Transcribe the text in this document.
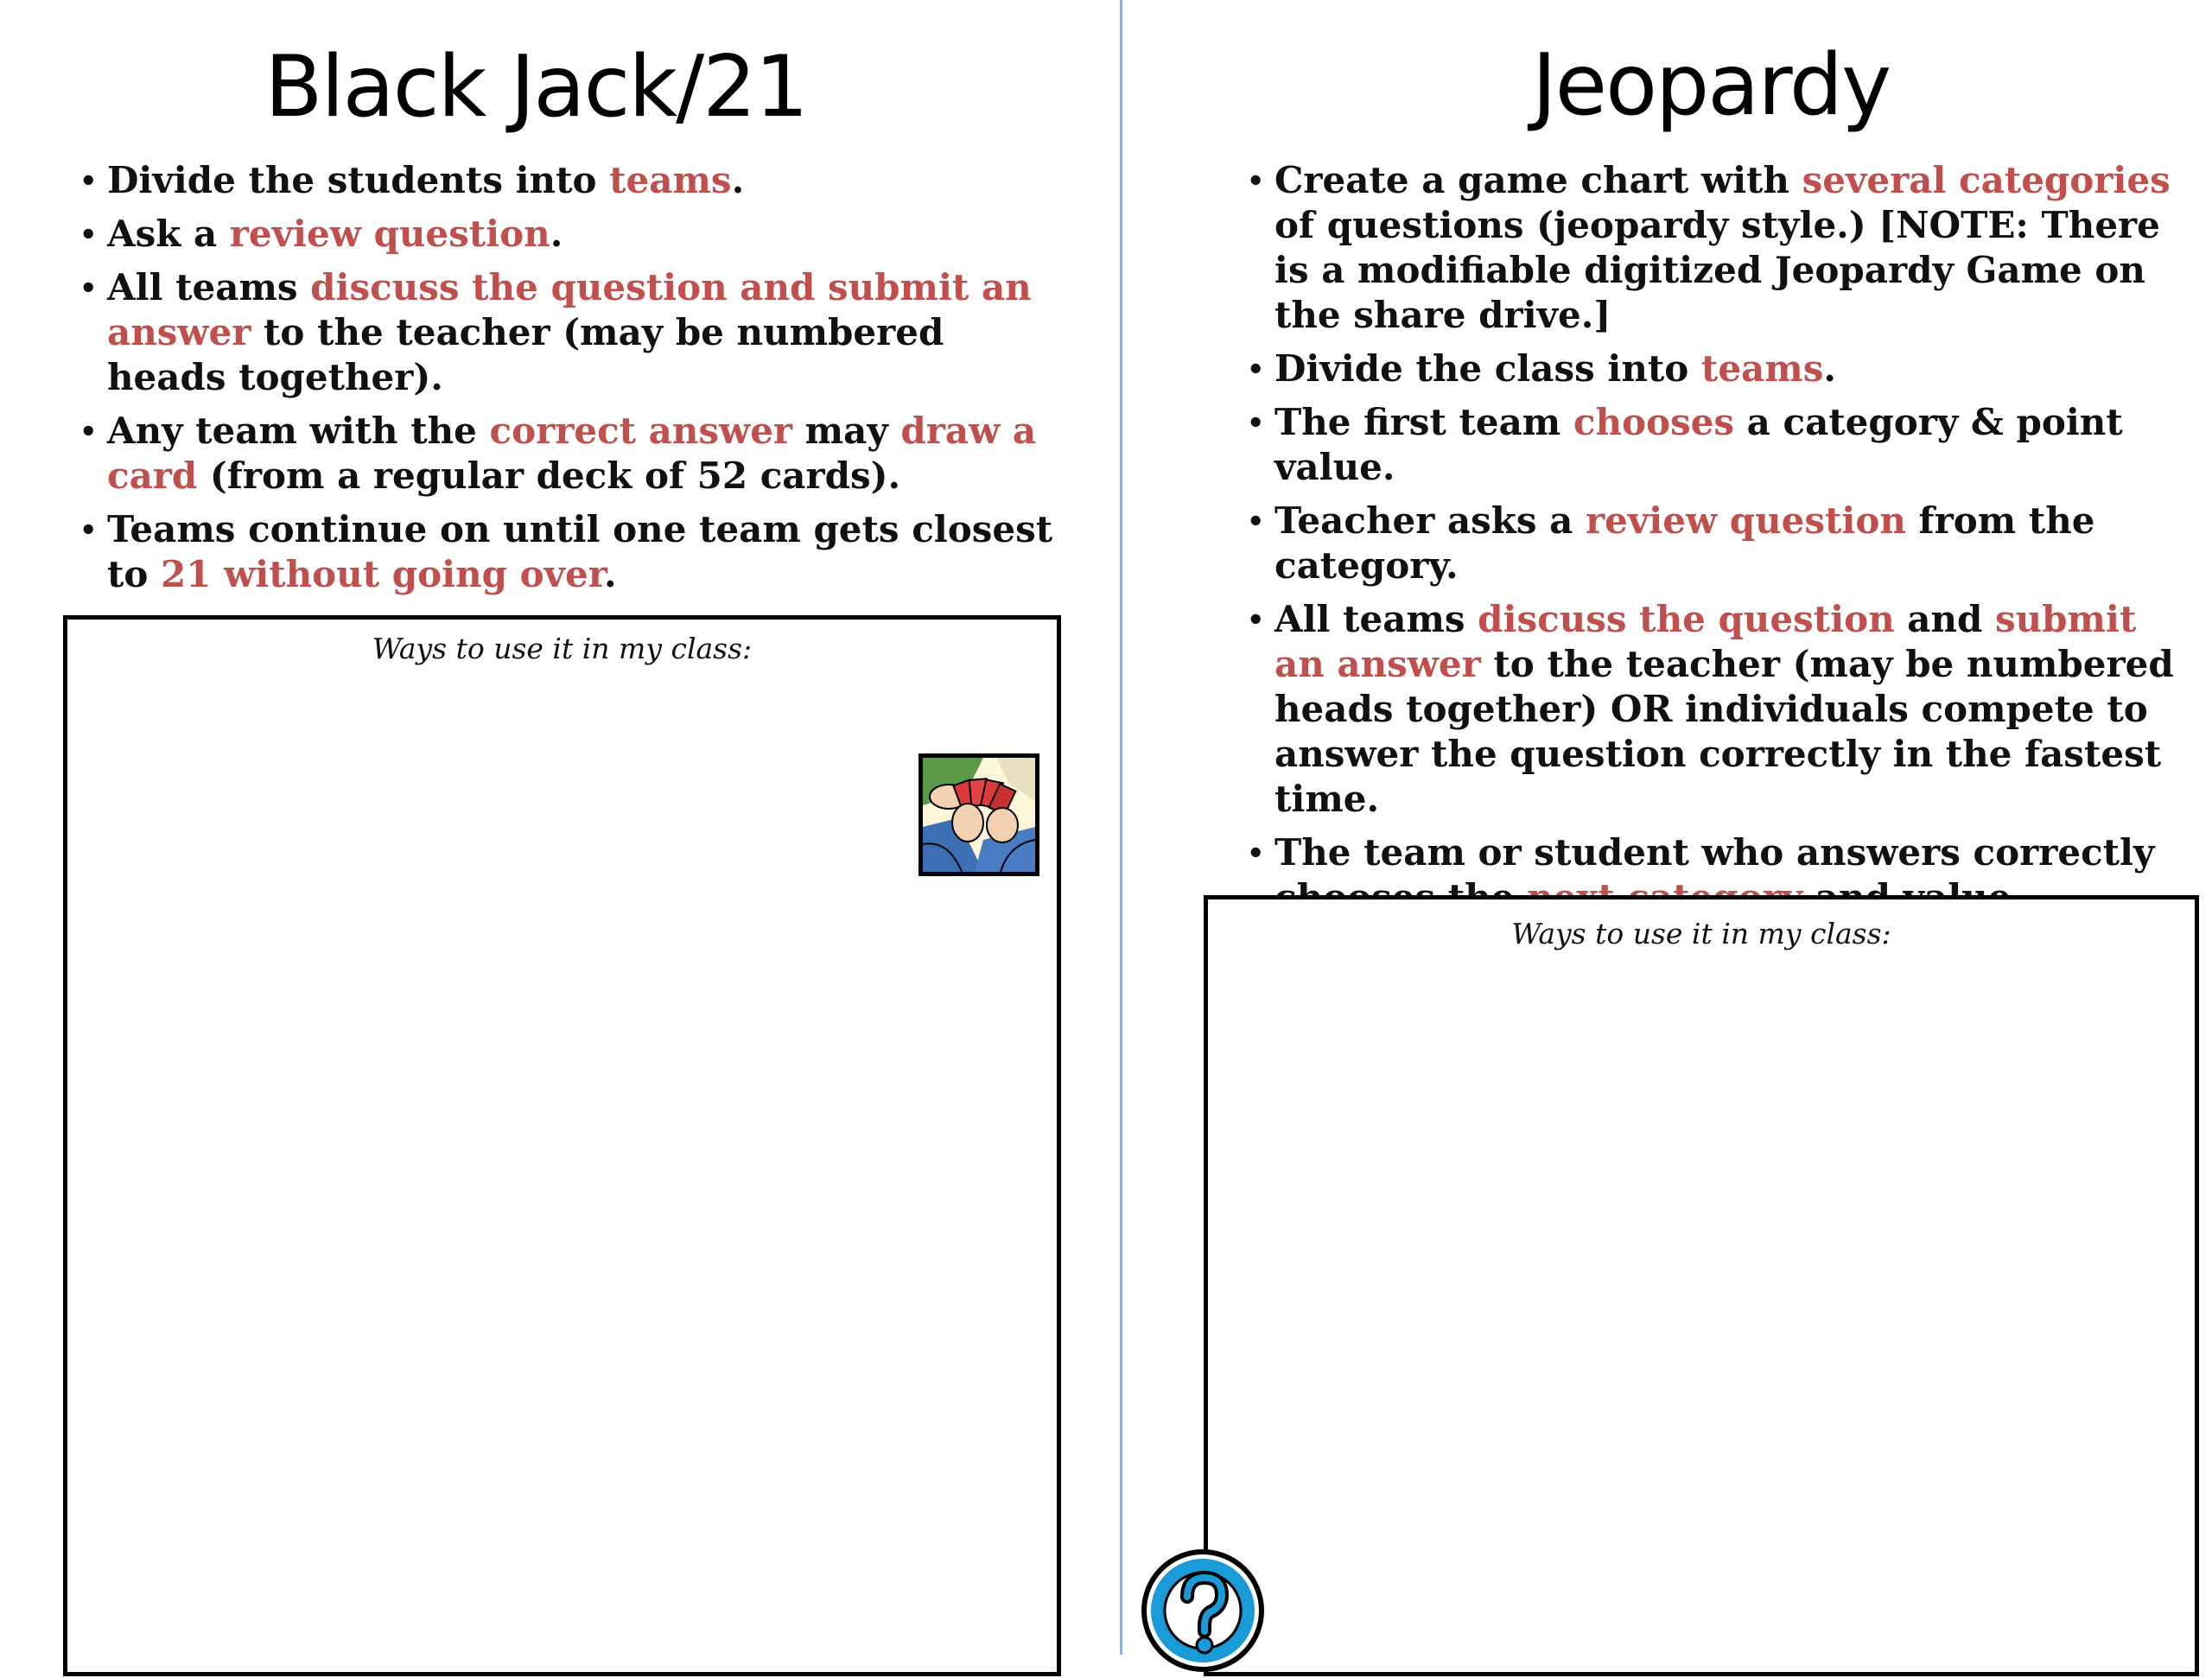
Black Jack/21
• Divide the students into teams.
• Ask a review question.
• All teams discuss the question and submit an answer to the teacher (may be numbered heads together).
• Any team with the correct answer may draw a card (from a regular deck of 52 cards).
• Teams continue on until one team gets closest to 21 without going over.
Ways to use it in my class:
Jeopardy
• Create a game chart with several categories of questions (jeopardy style.) [NOTE: There is a modifiable digitized Jeopardy Game on the share drive.]
• Divide the class into teams.
• The first team chooses a category & point value.
• Teacher asks a review question from the category.
• All teams discuss the question and submit an answer to the teacher (may be numbered heads together) OR individuals compete to answer the question correctly in the fastest time.
• The team or student who answers correctly
Ways to use it in my class:
